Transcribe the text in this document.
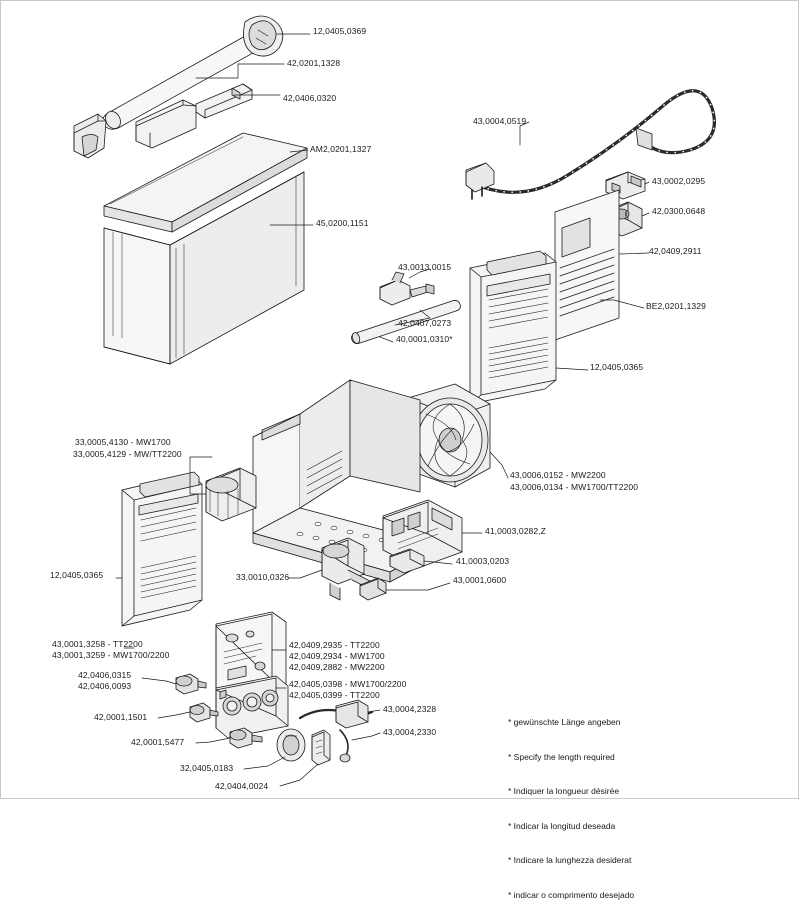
12,0405,0369
42,0201,1328
42,0406,0320
AM2,0201,1327
43,0004,0519
43,0002,0295
42,0300,0648
42,0409,2911
BE2,0201,1329
45,0200,1151
43,0013,0015
42,0407,0273
40,0001,0310*
12,0405,0365
33,0005,4130 - MW1700
33,0005,4129 - MW/TT2200
43,0006,0152 - MW2200
43,0006,0134 - MW1700/TT2200
41,0003,0282,Z
41,0003,0203
43,0001,0600
12,0405,0365	33,0010,0326
43,0001,3258 - TT2200
43,0001,3259 - MW1700/2200
42,0409,2935 - TT2200
42,0409,2934 - MW1700
42,0409,2882 - MW2200
42,0405,0398 - MW1700/2200
42,0405,0399 - TT2200
42,0406,0315
42,0406,0093
42,0001,1501
42,0001,5477
32,0405,0183
42,0404,0024
43,0004,2328
43,0004,2330

* gewünschte Länge angeben

* Specify the length required

* Indiquer la longueur désirée

* Indicar la longitud deseada

* Indicare la lunghezza desiderat

* indicar o comprimento desejado
